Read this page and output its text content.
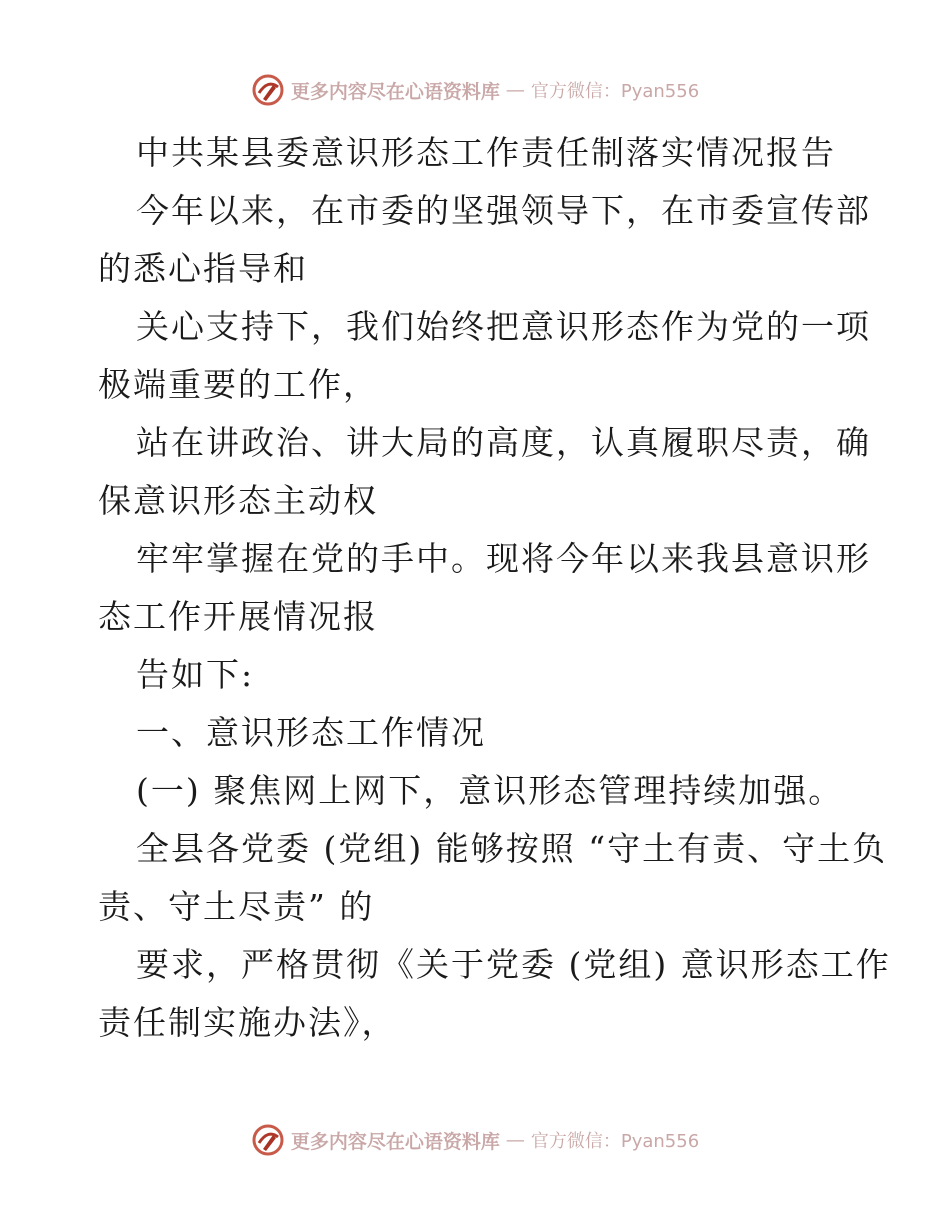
更多内容尽在心语资料库 — 官方微信：Pyan556
中共某县委意识形态工作责任制落实情况报告
今年以来，在市委的坚强领导下，在市委宣传部
的悉心指导和
关心支持下，我们始终把意识形态作为党的一项
极端重要的工作，
站在讲政治、讲大局的高度，认真履职尽责，确
保意识形态主动权
牢牢掌握在党的手中。现将今年以来我县意识形
态工作开展情况报
告如下:
一、意识形态工作情况
(一) 聚焦网上网下，意识形态管理持续加强。
全县各党委 (党组) 能够按照 “守土有责、守土负
责、守土尽责” 的
要求，严格贯彻《关于党委 (党组) 意识形态工作
责任制实施办法》，
更多内容尽在心语资料库 — 官方微信：Pyan556
